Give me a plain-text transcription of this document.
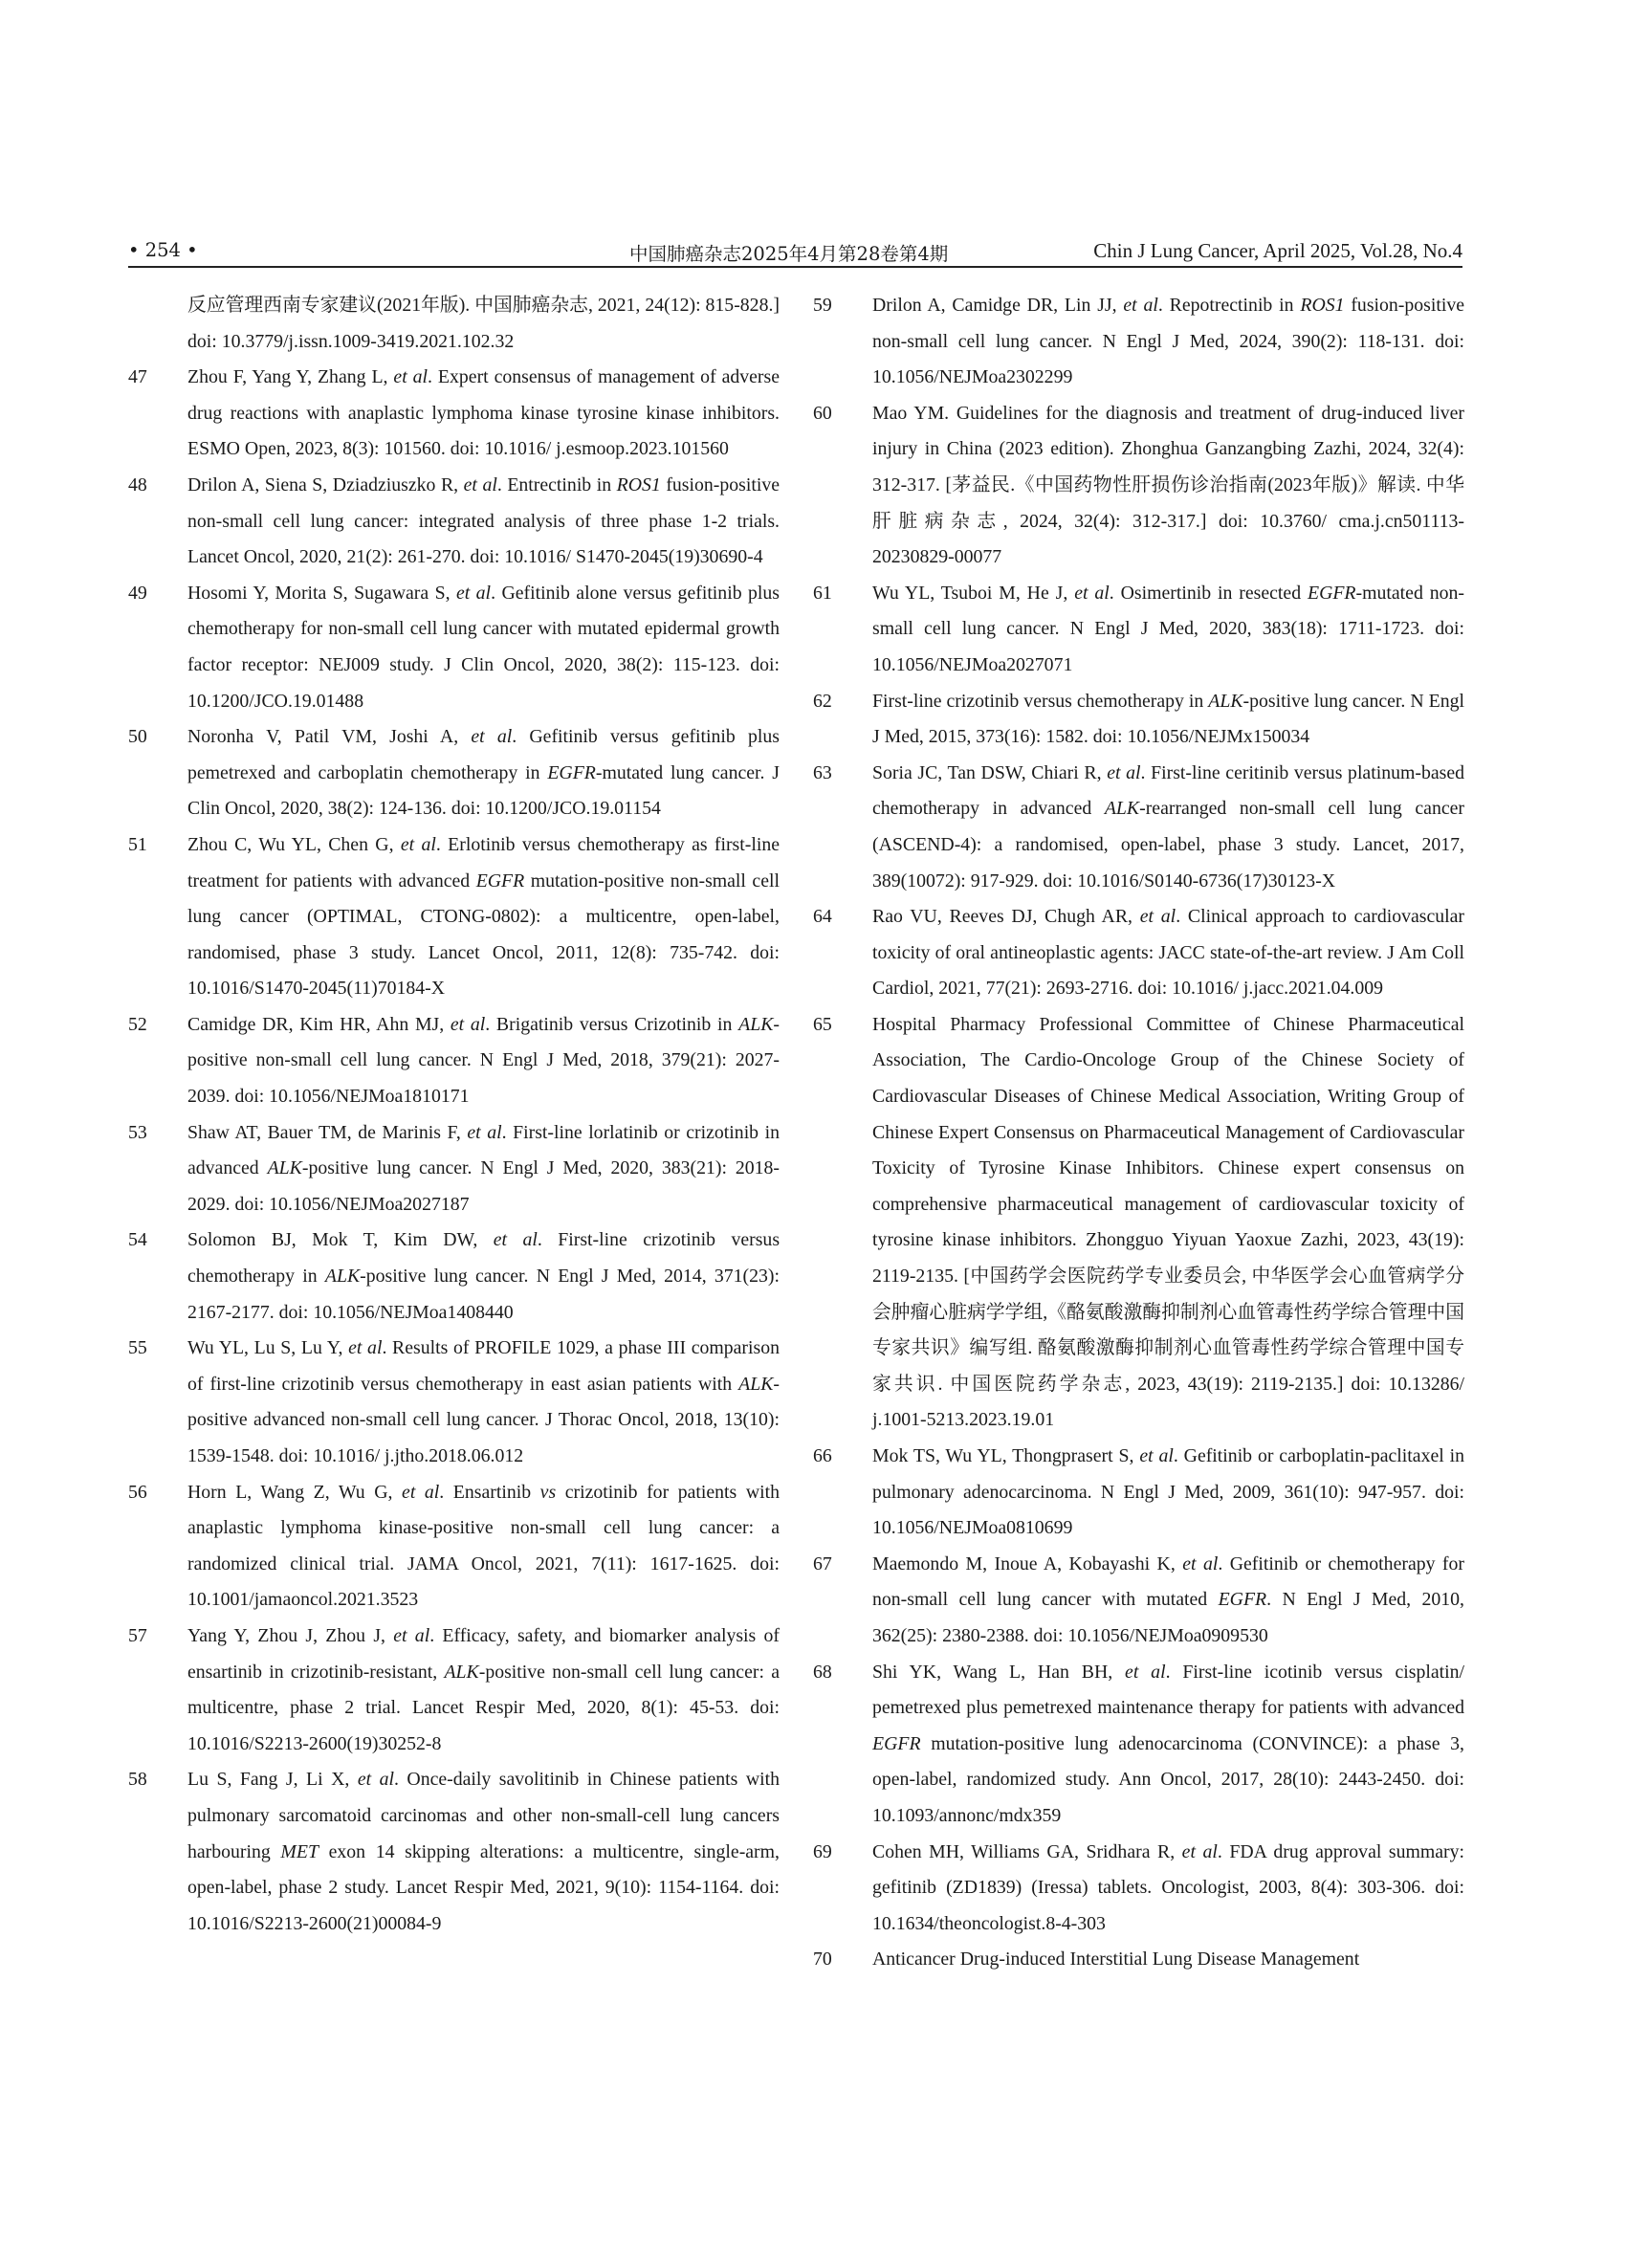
• 254 •	中国肺癌杂志2025年4月第28卷第4期	Chin J Lung Cancer, April 2025, Vol.28, No.4
反应管理西南专家建议(2021年版). 中国肺癌杂志, 2021, 24(12): 815-828.] doi: 10.3779/j.issn.1009-3419.2021.102.32
47 Zhou F, Yang Y, Zhang L, et al. Expert consensus of management of adverse drug reactions with anaplastic lymphoma kinase tyrosine kinase inhibitors. ESMO Open, 2023, 8(3): 101560. doi: 10.1016/ j.esmoop.2023.101560
48 Drilon A, Siena S, Dziadziuszko R, et al. Entrectinib in ROS1 fusion-positive non-small cell lung cancer: integrated analysis of three phase 1-2 trials. Lancet Oncol, 2020, 21(2): 261-270. doi: 10.1016/ S1470-2045(19)30690-4
49 Hosomi Y, Morita S, Sugawara S, et al. Gefitinib alone versus gefitinib plus chemotherapy for non-small cell lung cancer with mutated epidermal growth factor receptor: NEJ009 study. J Clin Oncol, 2020, 38(2): 115-123. doi: 10.1200/JCO.19.01488
50 Noronha V, Patil VM, Joshi A, et al. Gefitinib versus gefitinib plus pemetrexed and carboplatin chemotherapy in EGFR-mutated lung cancer. J Clin Oncol, 2020, 38(2): 124-136. doi: 10.1200/JCO.19.01154
51 Zhou C, Wu YL, Chen G, et al. Erlotinib versus chemotherapy as first-line treatment for patients with advanced EGFR mutation-positive non-small cell lung cancer (OPTIMAL, CTONG-0802): a multicentre, open-label, randomised, phase 3 study. Lancet Oncol, 2011, 12(8): 735-742. doi: 10.1016/S1470-2045(11)70184-X
52 Camidge DR, Kim HR, Ahn MJ, et al. Brigatinib versus Crizotinib in ALK-positive non-small cell lung cancer. N Engl J Med, 2018, 379(21): 2027-2039. doi: 10.1056/NEJMoa1810171
53 Shaw AT, Bauer TM, de Marinis F, et al. First-line lorlatinib or crizotinib in advanced ALK-positive lung cancer. N Engl J Med, 2020, 383(21): 2018-2029. doi: 10.1056/NEJMoa2027187
54 Solomon BJ, Mok T, Kim DW, et al. First-line crizotinib versus chemotherapy in ALK-positive lung cancer. N Engl J Med, 2014, 371(23): 2167-2177. doi: 10.1056/NEJMoa1408440
55 Wu YL, Lu S, Lu Y, et al. Results of PROFILE 1029, a phase III comparison of first-line crizotinib versus chemotherapy in east asian patients with ALK-positive advanced non-small cell lung cancer. J Thorac Oncol, 2018, 13(10): 1539-1548. doi: 10.1016/ j.jtho.2018.06.012
56 Horn L, Wang Z, Wu G, et al. Ensartinib vs crizotinib for patients with anaplastic lymphoma kinase-positive non-small cell lung cancer: a randomized clinical trial. JAMA Oncol, 2021, 7(11): 1617-1625. doi: 10.1001/jamaoncol.2021.3523
57 Yang Y, Zhou J, Zhou J, et al. Efficacy, safety, and biomarker analysis of ensartinib in crizotinib-resistant, ALK-positive non-small cell lung cancer: a multicentre, phase 2 trial. Lancet Respir Med, 2020, 8(1): 45-53. doi: 10.1016/S2213-2600(19)30252-8
58 Lu S, Fang J, Li X, et al. Once-daily savolitinib in Chinese patients with pulmonary sarcomatoid carcinomas and other non-small-cell lung cancers harbouring MET exon 14 skipping alterations: a multicentre, single-arm, open-label, phase 2 study. Lancet Respir Med, 2021, 9(10): 1154-1164. doi: 10.1016/S2213-2600(21)00084-9
59 Drilon A, Camidge DR, Lin JJ, et al. Repotrectinib in ROS1 fusion-positive non-small cell lung cancer. N Engl J Med, 2024, 390(2): 118-131. doi: 10.1056/NEJMoa2302299
60 Mao YM. Guidelines for the diagnosis and treatment of drug-induced liver injury in China (2023 edition). Zhonghua Ganzangbing Zazhi, 2024, 32(4): 312-317. [茅益民.《中国药物性肝损伤诊治指南(2023年版)》解读. 中华肝脏病杂志, 2024, 32(4): 312-317.] doi: 10.3760/ cma.j.cn501113-20230829-00077
61 Wu YL, Tsuboi M, He J, et al. Osimertinib in resected EGFR-mutated non-small cell lung cancer. N Engl J Med, 2020, 383(18): 1711-1723. doi: 10.1056/NEJMoa2027071
62 First-line crizotinib versus chemotherapy in ALK-positive lung cancer. N Engl J Med, 2015, 373(16): 1582. doi: 10.1056/NEJMx150034
63 Soria JC, Tan DSW, Chiari R, et al. First-line ceritinib versus platinum-based chemotherapy in advanced ALK-rearranged non-small cell lung cancer (ASCEND-4): a randomised, open-label, phase 3 study. Lancet, 2017, 389(10072): 917-929. doi: 10.1016/S0140-6736(17)30123-X
64 Rao VU, Reeves DJ, Chugh AR, et al. Clinical approach to cardiovascular toxicity of oral antineoplastic agents: JACC state-of-the-art review. J Am Coll Cardiol, 2021, 77(21): 2693-2716. doi: 10.1016/ j.jacc.2021.04.009
65 Hospital Pharmacy Professional Committee of Chinese Pharmaceutical Association, The Cardio-Oncologe Group of the Chinese Society of Cardiovascular Diseases of Chinese Medical Association, Writing Group of Chinese Expert Consensus on Pharmaceutical Management of Cardiovascular Toxicity of Tyrosine Kinase Inhibitors. Chinese expert consensus on comprehensive pharmaceutical management of cardiovascular toxicity of tyrosine kinase inhibitors. Zhongguo Yiyuan Yaoxue Zazhi, 2023, 43(19): 2119-2135. [中国药学会医院药学专业委员会, 中华医学会心血管病学分会肿瘤心脏病学学组,《酪氨酸激酶抑制剂心血管毒性药学综合管理中国专家共识》编写组. 酪氨酸激酶抑制剂心血管毒性药学综合管理中国专家共识. 中国医院药学杂志, 2023, 43(19): 2119-2135.] doi: 10.13286/ j.1001-5213.2023.19.01
66 Mok TS, Wu YL, Thongprasert S, et al. Gefitinib or carboplatin-paclitaxel in pulmonary adenocarcinoma. N Engl J Med, 2009, 361(10): 947-957. doi: 10.1056/NEJMoa0810699
67 Maemondo M, Inoue A, Kobayashi K, et al. Gefitinib or chemotherapy for non-small cell lung cancer with mutated EGFR. N Engl J Med, 2010, 362(25): 2380-2388. doi: 10.1056/NEJMoa0909530
68 Shi YK, Wang L, Han BH, et al. First-line icotinib versus cisplatin/ pemetrexed plus pemetrexed maintenance therapy for patients with advanced EGFR mutation-positive lung adenocarcinoma (CONVINCE): a phase 3, open-label, randomized study. Ann Oncol, 2017, 28(10): 2443-2450. doi: 10.1093/annonc/mdx359
69 Cohen MH, Williams GA, Sridhara R, et al. FDA drug approval summary: gefitinib (ZD1839) (Iressa) tablets. Oncologist, 2003, 8(4): 303-306. doi: 10.1634/theoncologist.8-4-303
70 Anticancer Drug-induced Interstitial Lung Disease Management
